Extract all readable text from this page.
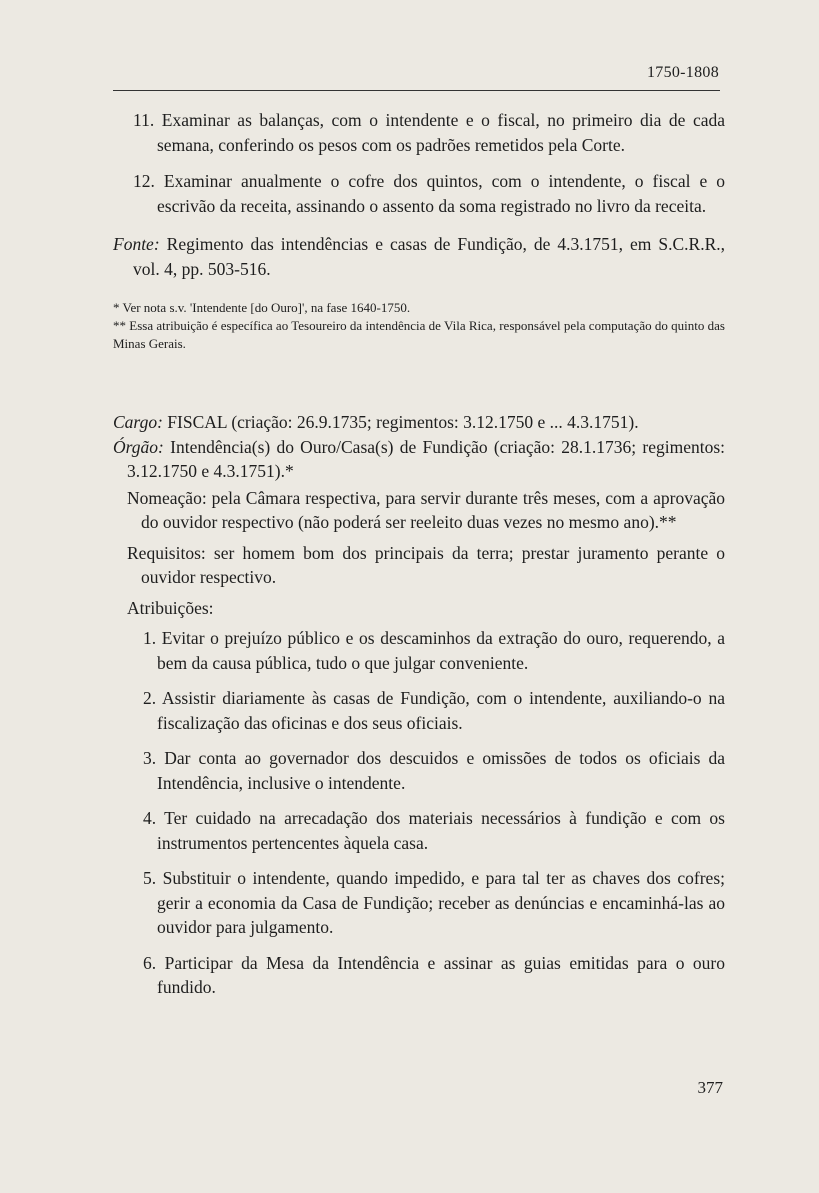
1750-1808

11. Examinar as balanças, com o intendente e o fiscal, no primeiro dia de cada semana, conferindo os pesos com os padrões remetidos pela Corte.

12. Examinar anualmente o cofre dos quintos, com o intendente, o fiscal e o escrivão da receita, assinando o assento da soma registrado no livro da receita.

Fonte: Regimento das intendências e casas de Fundição, de 4.3.1751, em S.C.R.R., vol. 4, pp. 503-516.

* Ver nota s.v. 'Intendente [do Ouro]', na fase 1640-1750.

** Essa atribuição é específica ao Tesoureiro da intendência de Vila Rica, responsável pela computação do quinto das Minas Gerais.

Cargo: FISCAL (criação: 26.9.1735; regimentos: 3.12.1750 e ... 4.3.1751).

Órgão: Intendência(s) do Ouro/Casa(s) de Fundição (criação: 28.1.1736; regimentos: 3.12.1750 e 4.3.1751).*

Nomeação: pela Câmara respectiva, para servir durante três meses, com a aprovação do ouvidor respectivo (não poderá ser reeleito duas vezes no mesmo ano).**

Requisitos: ser homem bom dos principais da terra; prestar juramento perante o ouvidor respectivo.

Atribuições:

1. Evitar o prejuízo público e os descaminhos da extração do ouro, requerendo, a bem da causa pública, tudo o que julgar conveniente.

2. Assistir diariamente às casas de Fundição, com o intendente, auxiliando-o na fiscalização das oficinas e dos seus oficiais.

3. Dar conta ao governador dos descuidos e omissões de todos os oficiais da Intendência, inclusive o intendente.

4. Ter cuidado na arrecadação dos materiais necessários à fundição e com os instrumentos pertencentes àquela casa.

5. Substituir o intendente, quando impedido, e para tal ter as chaves dos cofres; gerir a economia da Casa de Fundição; receber as denúncias e encaminhá-las ao ouvidor para julgamento.

6. Participar da Mesa da Intendência e assinar as guias emitidas para o ouro fundido.

377
